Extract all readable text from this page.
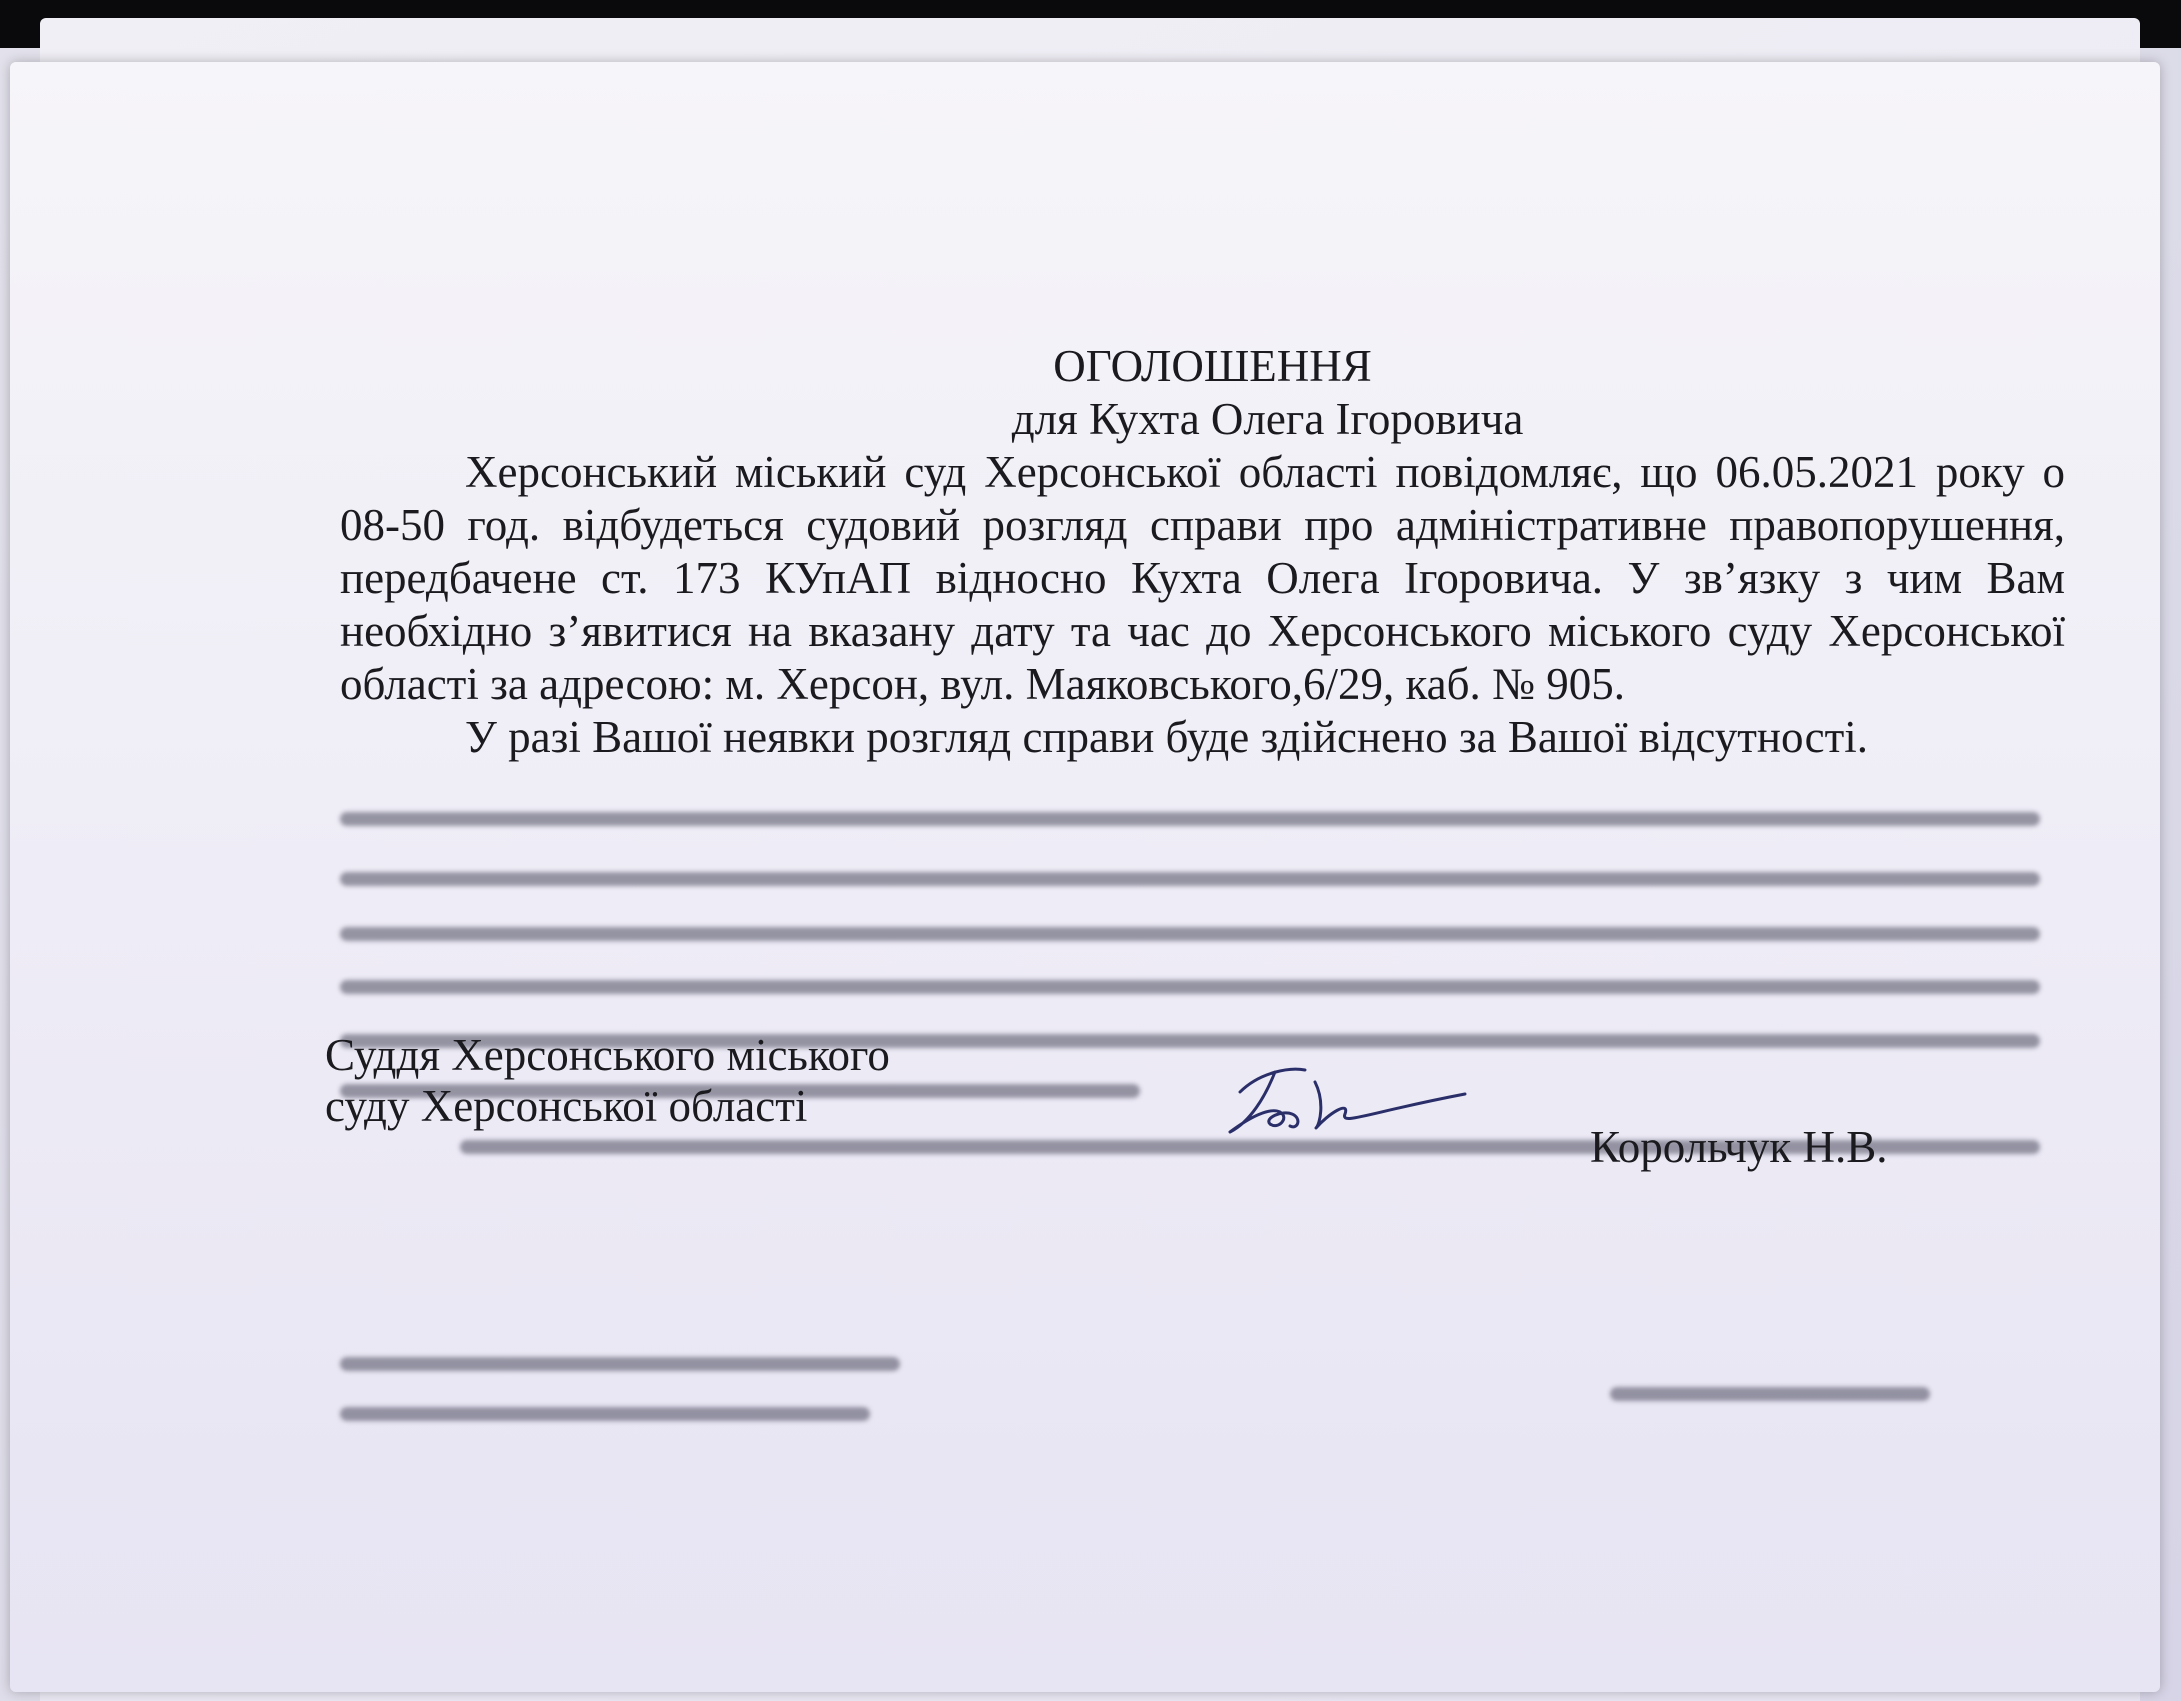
ОГОЛОШЕННЯ

для Кухта Олега Ігоровича

Херсонський міський суд Херсонської області повідомляє, що 06.05.2021 року о 08-50 год. відбудеться судовий розгляд справи про адміністративне правопорушення, передбачене ст. 173 КУпАП відносно Кухта Олега Ігоровича. У зв’язку з чим Вам необхідно з’явитися на вказану дату та час до Херсонського міського суду Херсонської області за адресою: м. Херсон, вул. Маяковського,6/29, каб. № 905.

У разі Вашої неявки розгляд справи буде здійснено за Вашої відсутності.

Суддя Херсонського міського
суду Херсонської області
Корольчук Н.В.
